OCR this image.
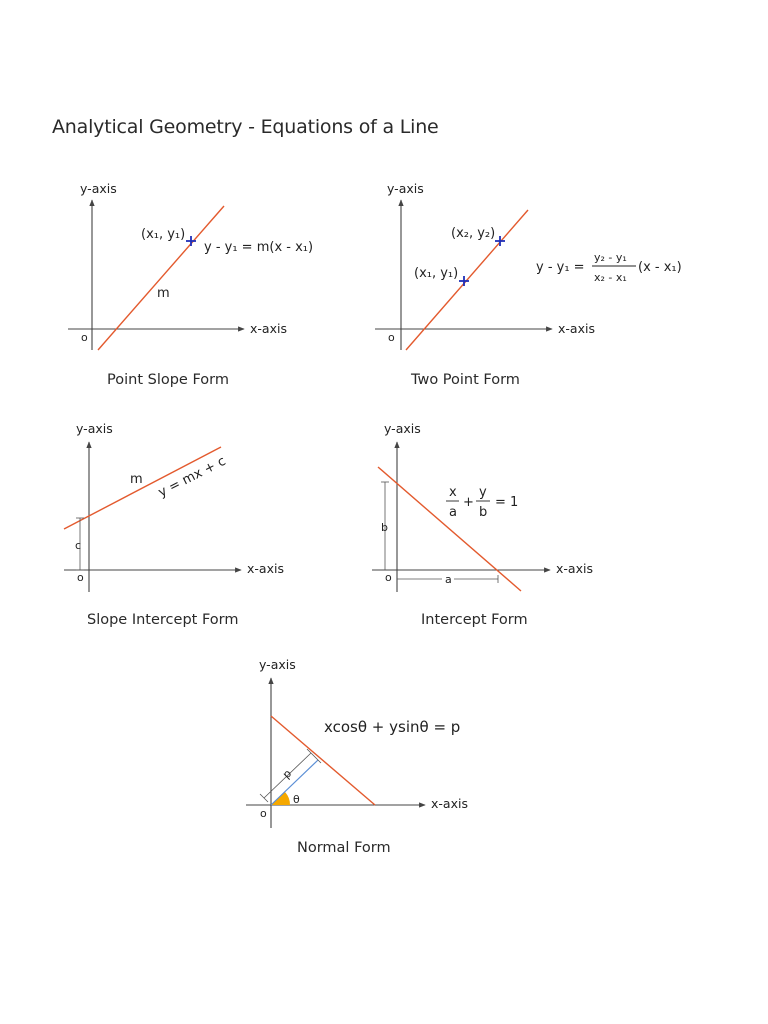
Analytical Geometry - Equations of a Line
y-axis
x-axis
o
(x₁, y₁)
y - y₁ = m(x - x₁)
m
Point Slope Form
y-axis
x-axis
o
(x₁, y₁)
(x₂, y₂)
y - y₁ =
y₂ - y₁
x₂ - x₁
(x - x₁)
Two Point Form
y-axis
x-axis
o
c
m y = mx + c
Slope Intercept Form
y-axis
x-axis
o
b
a
x
a
+
y
b
= 1
Intercept Form
y-axis
x-axis
o
p
θ
xcosθ + ysinθ = p
Normal Form
